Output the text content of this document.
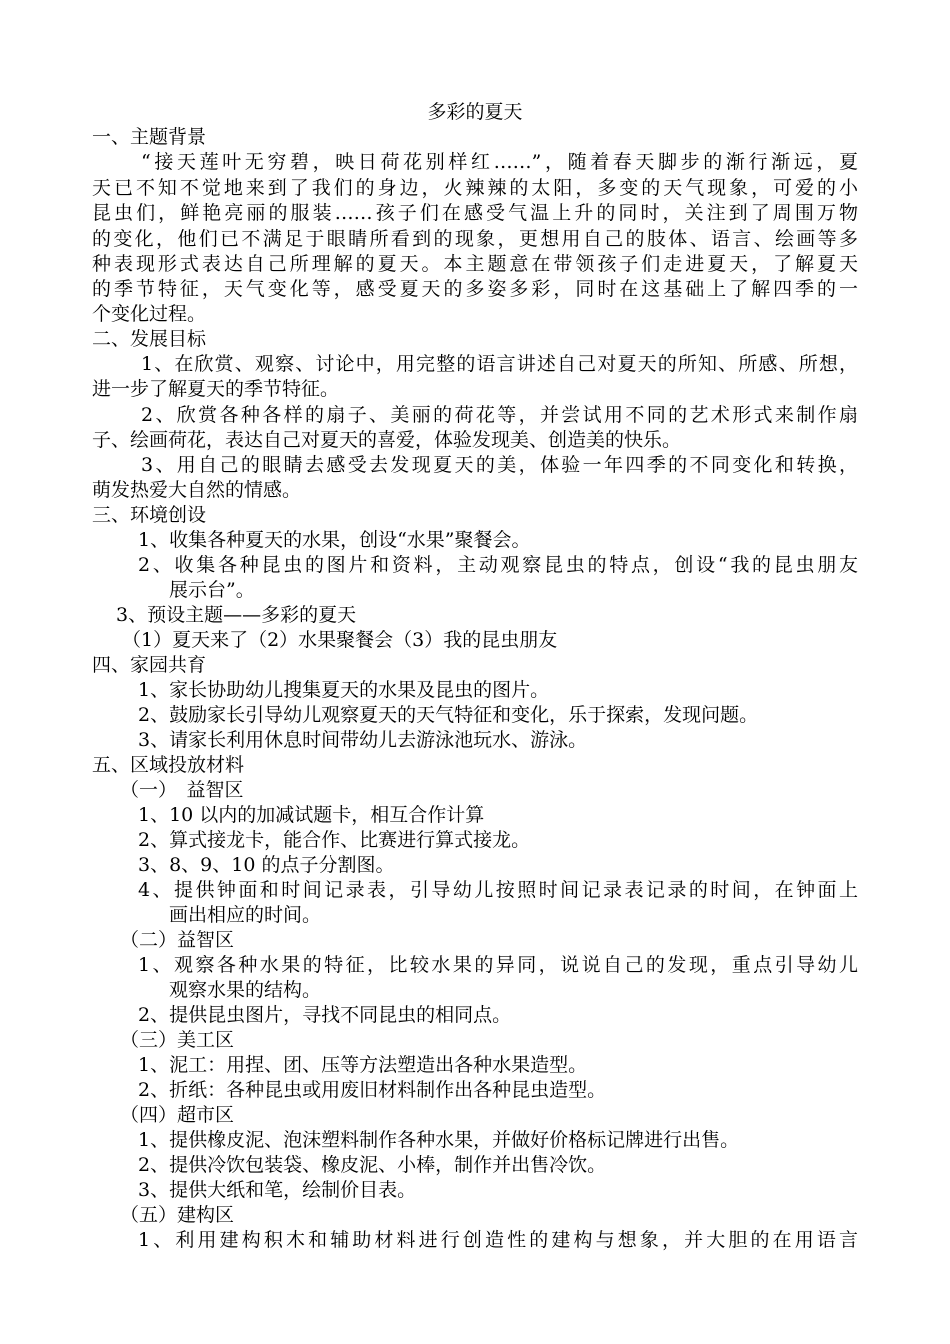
多彩的夏天
一、主题背景
“接天莲叶无穷碧，映日荷花别样红……”，随着春天脚步的渐行渐远，夏
天已不知不觉地来到了我们的身边，火辣辣的太阳，多变的天气现象，可爱的小
昆虫们，鲜艳亮丽的服装……孩子们在感受气温上升的同时，关注到了周围万物
的变化，他们已不满足于眼睛所看到的现象，更想用自己的肢体、语言、绘画等多
种表现形式表达自己所理解的夏天。本主题意在带领孩子们走进夏天，了解夏天
的季节特征，天气变化等，感受夏天的多姿多彩，同时在这基础上了解四季的一
个变化过程。
二、发展目标
1、在欣赏、观察、讨论中，用完整的语言讲述自己对夏天的所知、所感、所想，
进一步了解夏天的季节特征。
2、欣赏各种各样的扇子、美丽的荷花等，并尝试用不同的艺术形式来制作扇
子、绘画荷花，表达自己对夏天的喜爱，体验发现美、创造美的快乐。
3、用自己的眼睛去感受去发现夏天的美，体验一年四季的不同变化和转换，
萌发热爱大自然的情感。
三、环境创设
1、收集各种夏天的水果，创设“水果”聚餐会。
2、收集各种昆虫的图片和资料，主动观察昆虫的特点，创设“我的昆虫朋友
展示台”。
3、预设主题——多彩的夏天
（1）夏天来了（2）水果聚餐会（3）我的昆虫朋友
四、家园共育
1、家长协助幼儿搜集夏天的水果及昆虫的图片。
2、鼓励家长引导幼儿观察夏天的天气特征和变化，乐于探索，发现问题。
3、请家长利用休息时间带幼儿去游泳池玩水、游泳。
五、区域投放材料
（一）　益智区
1、10 以内的加减试题卡，相互合作计算
2、算式接龙卡，能合作、比赛进行算式接龙。
3、8、9、10 的点子分割图。
4、提供钟面和时间记录表，引导幼儿按照时间记录表记录的时间，在钟面上
画出相应的时间。
（二）益智区
1、观察各种水果的特征，比较水果的异同，说说自己的发现，重点引导幼儿
观察水果的结构。
2、提供昆虫图片，寻找不同昆虫的相同点。
（三）美工区
1、泥工：用捏、团、压等方法塑造出各种水果造型。
2、折纸：各种昆虫或用废旧材料制作出各种昆虫造型。
（四）超市区
1、提供橡皮泥、泡沫塑料制作各种水果，并做好价格标记牌进行出售。
2、提供冷饮包装袋、橡皮泥、小棒，制作并出售冷饮。
3、提供大纸和笔，绘制价目表。
（五）建构区
1、利用建构积木和辅助材料进行创造性的建构与想象，并大胆的在用语言
